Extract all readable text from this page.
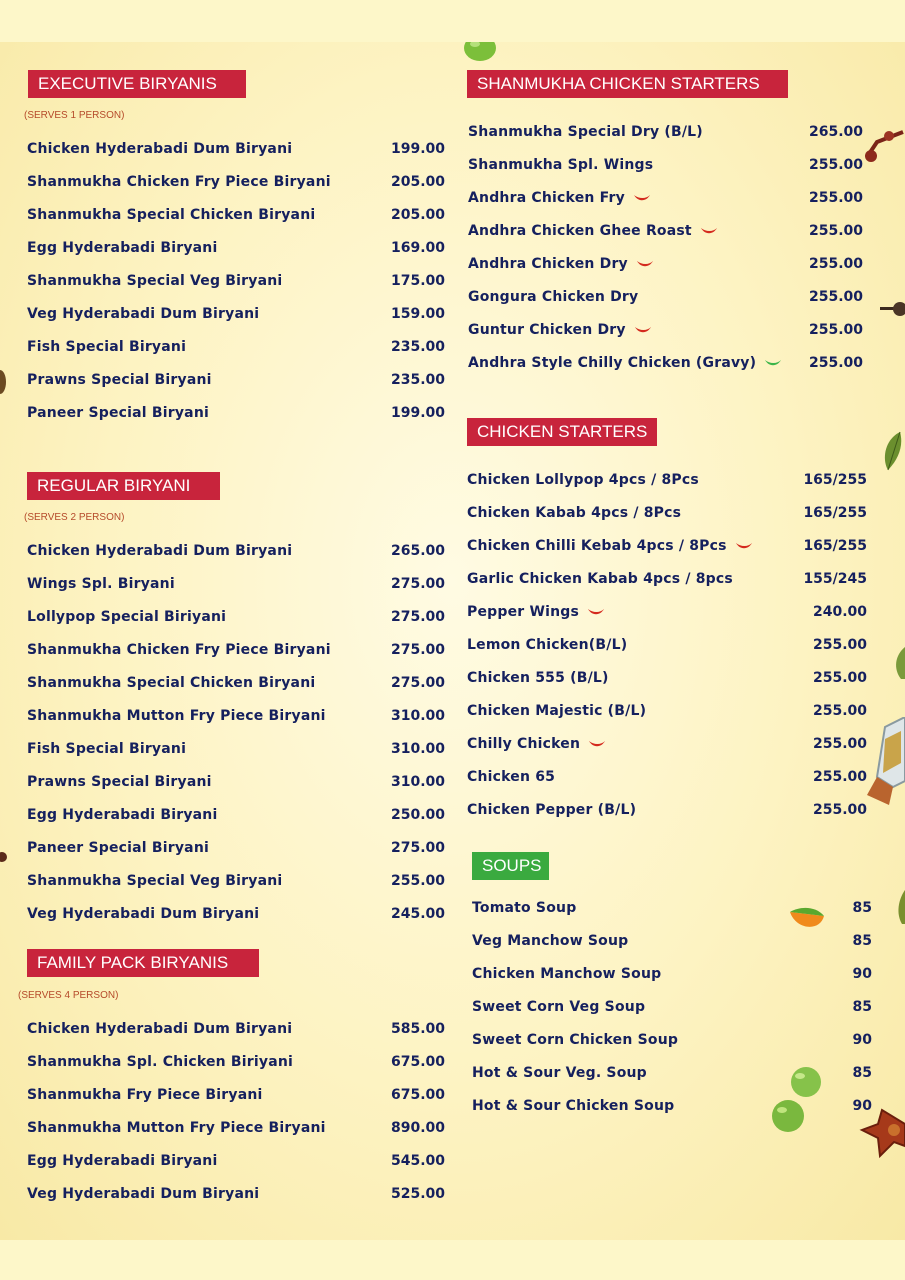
EXECUTIVE BIRYANIS
(SERVES 1 PERSON)
Chicken Hyderabadi Dum Biryani	199.00
Shanmukha Chicken Fry Piece Biryani	205.00
Shanmukha Special Chicken Biryani	205.00
Egg Hyderabadi Biryani	169.00
Shanmukha Special Veg Biryani	175.00
Veg Hyderabadi Dum Biryani	159.00
Fish Special Biryani	235.00
Prawns Special Biryani	235.00
Paneer Special Biryani	199.00
REGULAR BIRYANI
(SERVES 2 PERSON)
Chicken Hyderabadi Dum Biryani	265.00
Wings Spl. Biryani	275.00
Lollypop Special Biriyani	275.00
Shanmukha Chicken Fry Piece Biryani	275.00
Shanmukha Special Chicken Biryani	275.00
Shanmukha Mutton Fry Piece Biryani	310.00
Fish Special Biryani	310.00
Prawns Special Biryani	310.00
Egg Hyderabadi Biryani	250.00
Paneer Special Biryani	275.00
Shanmukha Special Veg Biryani	255.00
Veg Hyderabadi Dum Biryani	245.00
FAMILY PACK BIRYANIS
(SERVES 4 PERSON)
Chicken Hyderabadi Dum Biryani	585.00
Shanmukha Spl. Chicken Biriyani	675.00
Shanmukha Fry Piece Biryani	675.00
Shanmukha Mutton Fry Piece Biryani	890.00
Egg Hyderabadi Biryani	545.00
Veg Hyderabadi Dum Biryani	525.00
SHANMUKHA CHICKEN STARTERS
Shanmukha Special Dry (B/L)	265.00
Shanmukha Spl. Wings	255.00
Andhra Chicken Fry	255.00
Andhra Chicken Ghee Roast	255.00
Andhra Chicken Dry	255.00
Gongura Chicken Dry	255.00
Guntur Chicken Dry	255.00
Andhra Style Chilly Chicken (Gravy)	255.00
CHICKEN STARTERS
Chicken Lollypop 4pcs / 8Pcs	165/255
Chicken Kabab 4pcs / 8Pcs	165/255
Chicken Chilli Kebab 4pcs / 8Pcs	165/255
Garlic Chicken Kabab 4pcs / 8pcs	155/245
Pepper Wings	240.00
Lemon Chicken(B/L)	255.00
Chicken 555 (B/L)	255.00
Chicken Majestic (B/L)	255.00
Chilly Chicken	255.00
Chicken 65	255.00
Chicken Pepper (B/L)	255.00
SOUPS
Tomato Soup	85
Veg Manchow Soup	85
Chicken Manchow Soup	90
Sweet Corn Veg Soup	85
Sweet Corn Chicken Soup	90
Hot & Sour Veg. Soup	85
Hot & Sour Chicken Soup	90
